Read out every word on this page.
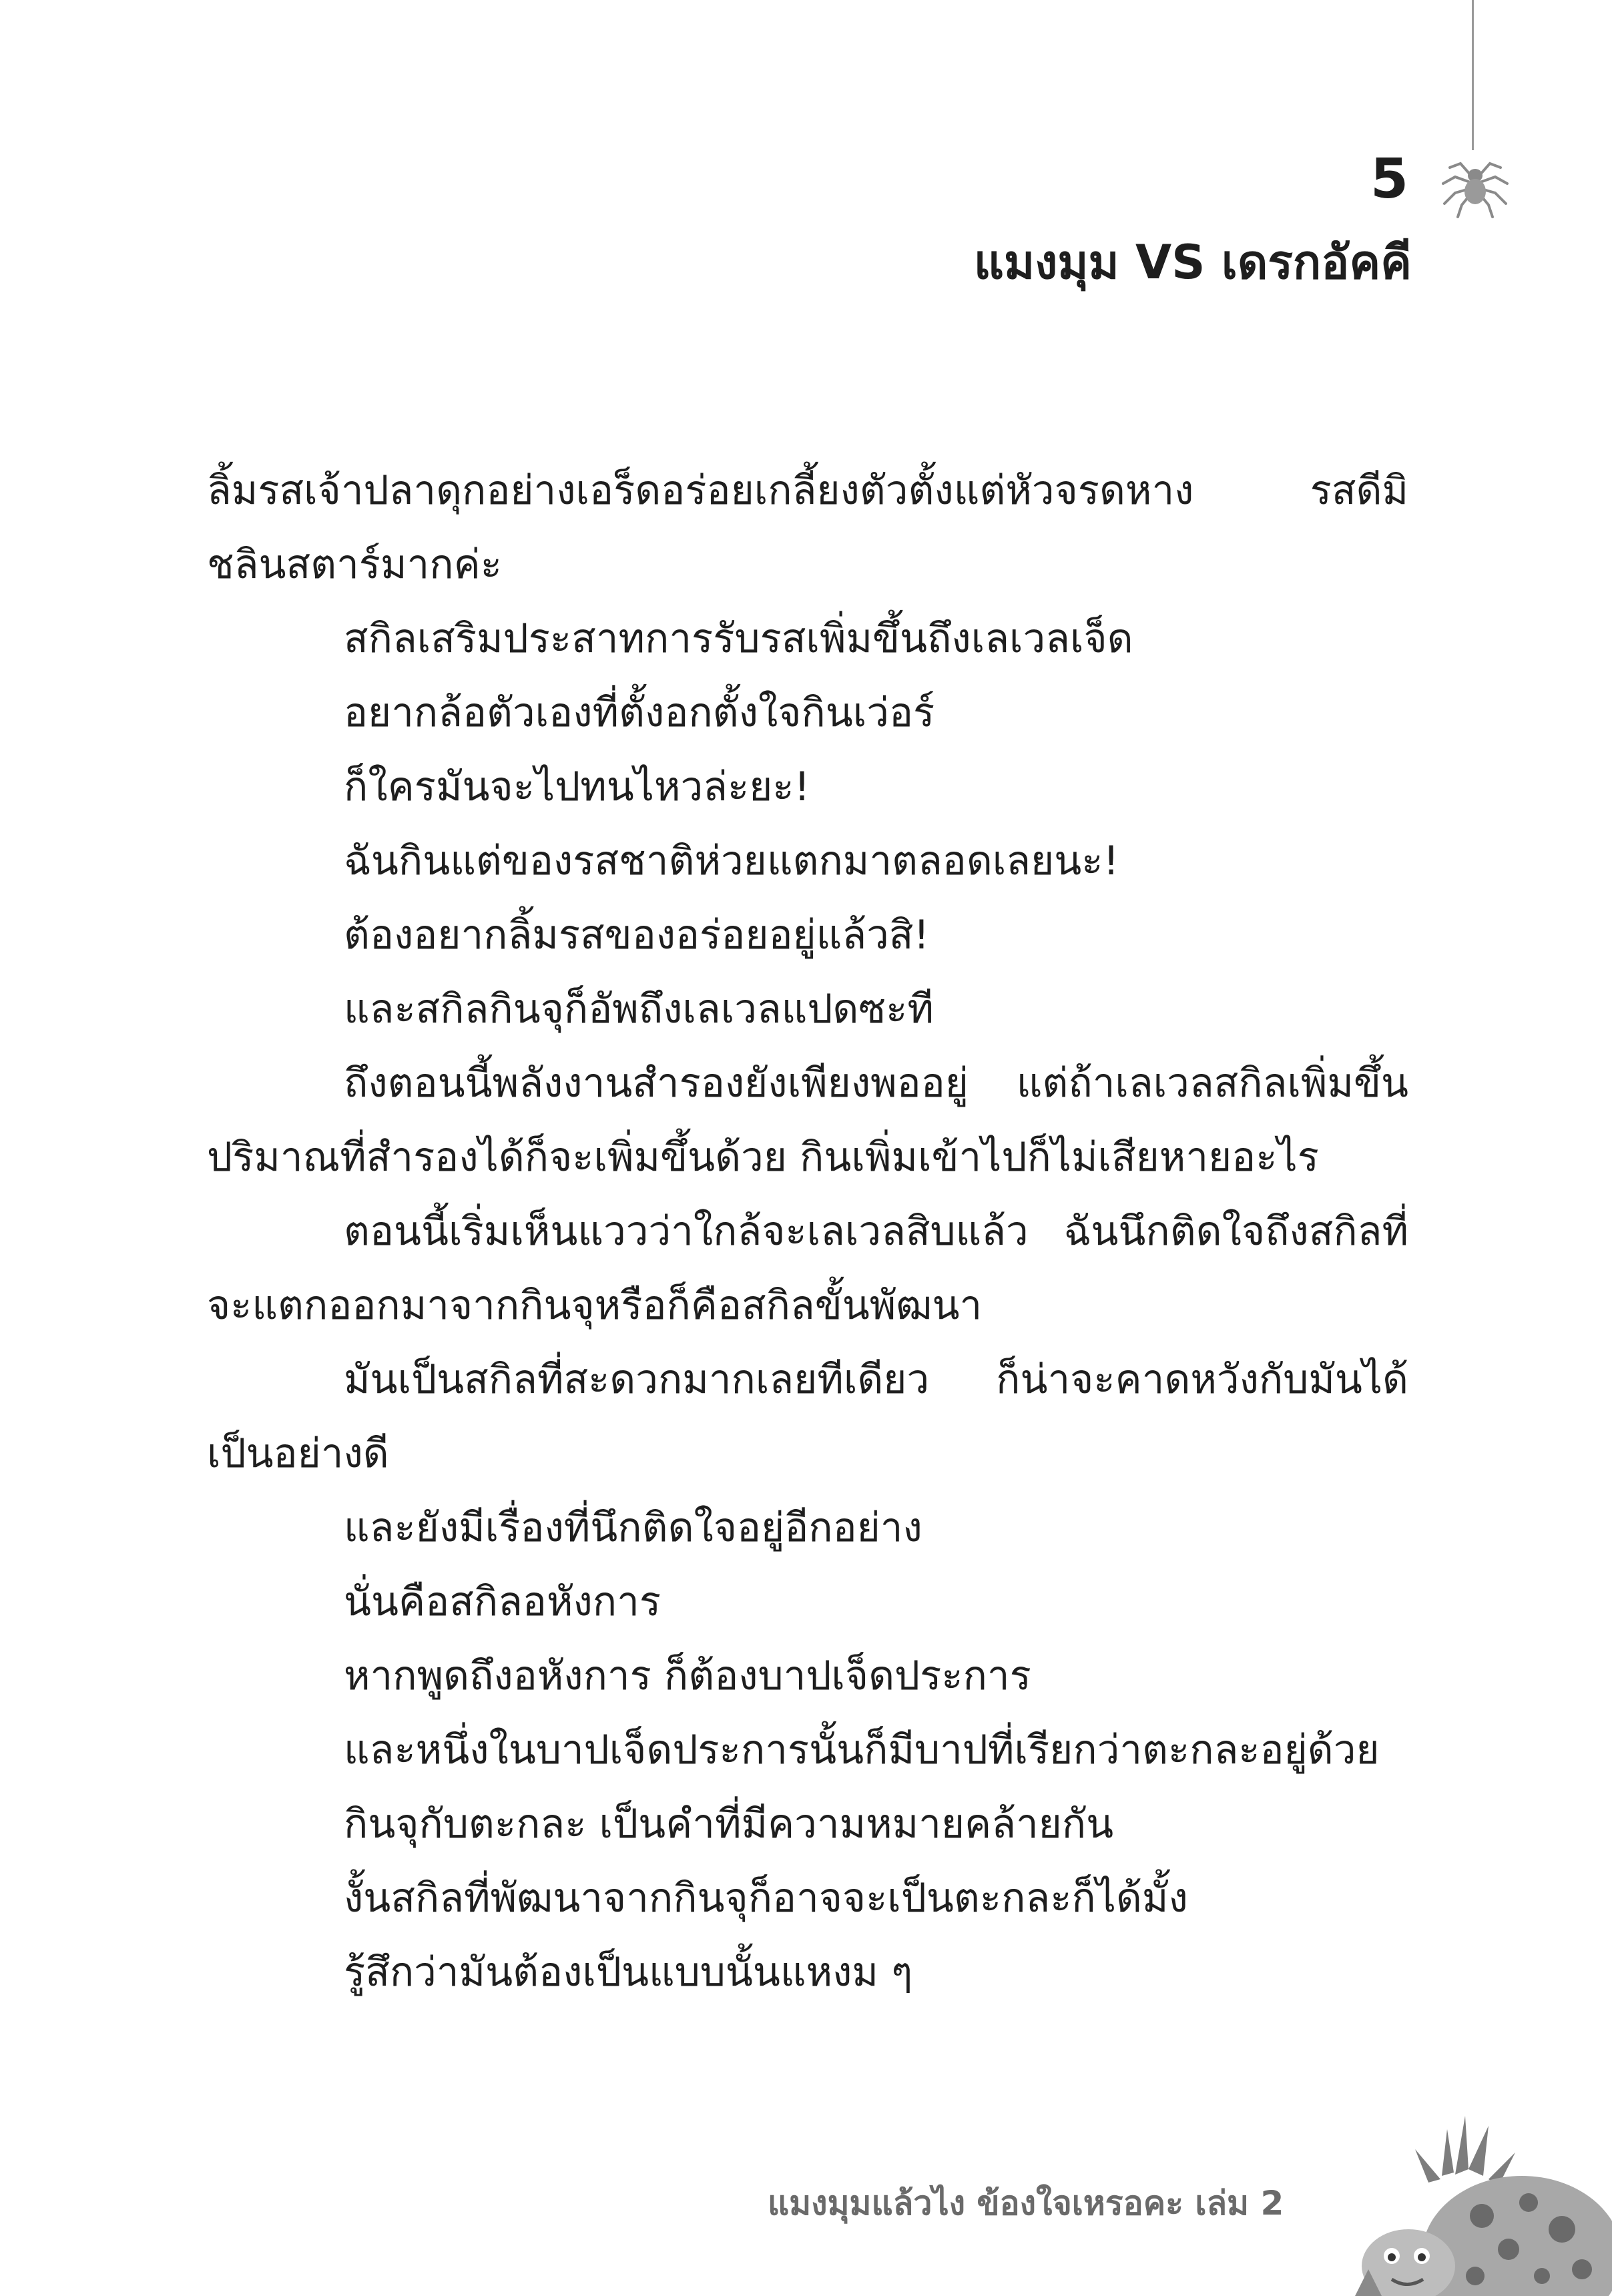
5
แมงมุม VS เดรกอัคคี

ลิ้มรสเจ้าปลาดุกอย่างเอร็ดอร่อยเกลี้ยงตัวตั้งแต่หัวจรดหาง รสดีมิชลินสตาร์มากค่ะ

สกิลเสริมประสาทการรับรสเพิ่มขึ้นถึงเลเวลเจ็ด

อยากล้อตัวเองที่ตั้งอกตั้งใจกินเว่อร์

ก็ใครมันจะไปทนไหวล่ะยะ!

ฉันกินแต่ของรสชาติห่วยแตกมาตลอดเลยนะ!

ต้องอยากลิ้มรสของอร่อยอยู่แล้วสิ!

และสกิลกินจุก็อัพถึงเลเวลแปดซะที

ถึงตอนนี้พลังงานสำรองยังเพียงพออยู่ แต่ถ้าเลเวลสกิลเพิ่มขึ้น ปริมาณที่สำรองได้ก็จะเพิ่มขึ้นด้วย กินเพิ่มเข้าไปก็ไม่เสียหายอะไร

ตอนนี้เริ่มเห็นแววว่าใกล้จะเลเวลสิบแล้ว ฉันนึกติดใจถึงสกิลที่จะแตกออกมาจากกินจุหรือก็คือสกิลขั้นพัฒนา

มันเป็นสกิลที่สะดวกมากเลยทีเดียว ก็น่าจะคาดหวังกับมันได้เป็นอย่างดี

และยังมีเรื่องที่นึกติดใจอยู่อีกอย่าง

นั่นคือสกิลอหังการ

หากพูดถึงอหังการ ก็ต้องบาปเจ็ดประการ

และหนึ่งในบาปเจ็ดประการนั้นก็มีบาปที่เรียกว่าตะกละอยู่ด้วย

กินจุกับตะกละ เป็นคำที่มีความหมายคล้ายกัน

งั้นสกิลที่พัฒนาจากกินจุก็อาจจะเป็นตะกละก็ได้มั้ง

รู้สึกว่ามันต้องเป็นแบบนั้นแหงม ๆ

แมงมุมแล้วไง ข้องใจเหรอคะ เล่ม 2
